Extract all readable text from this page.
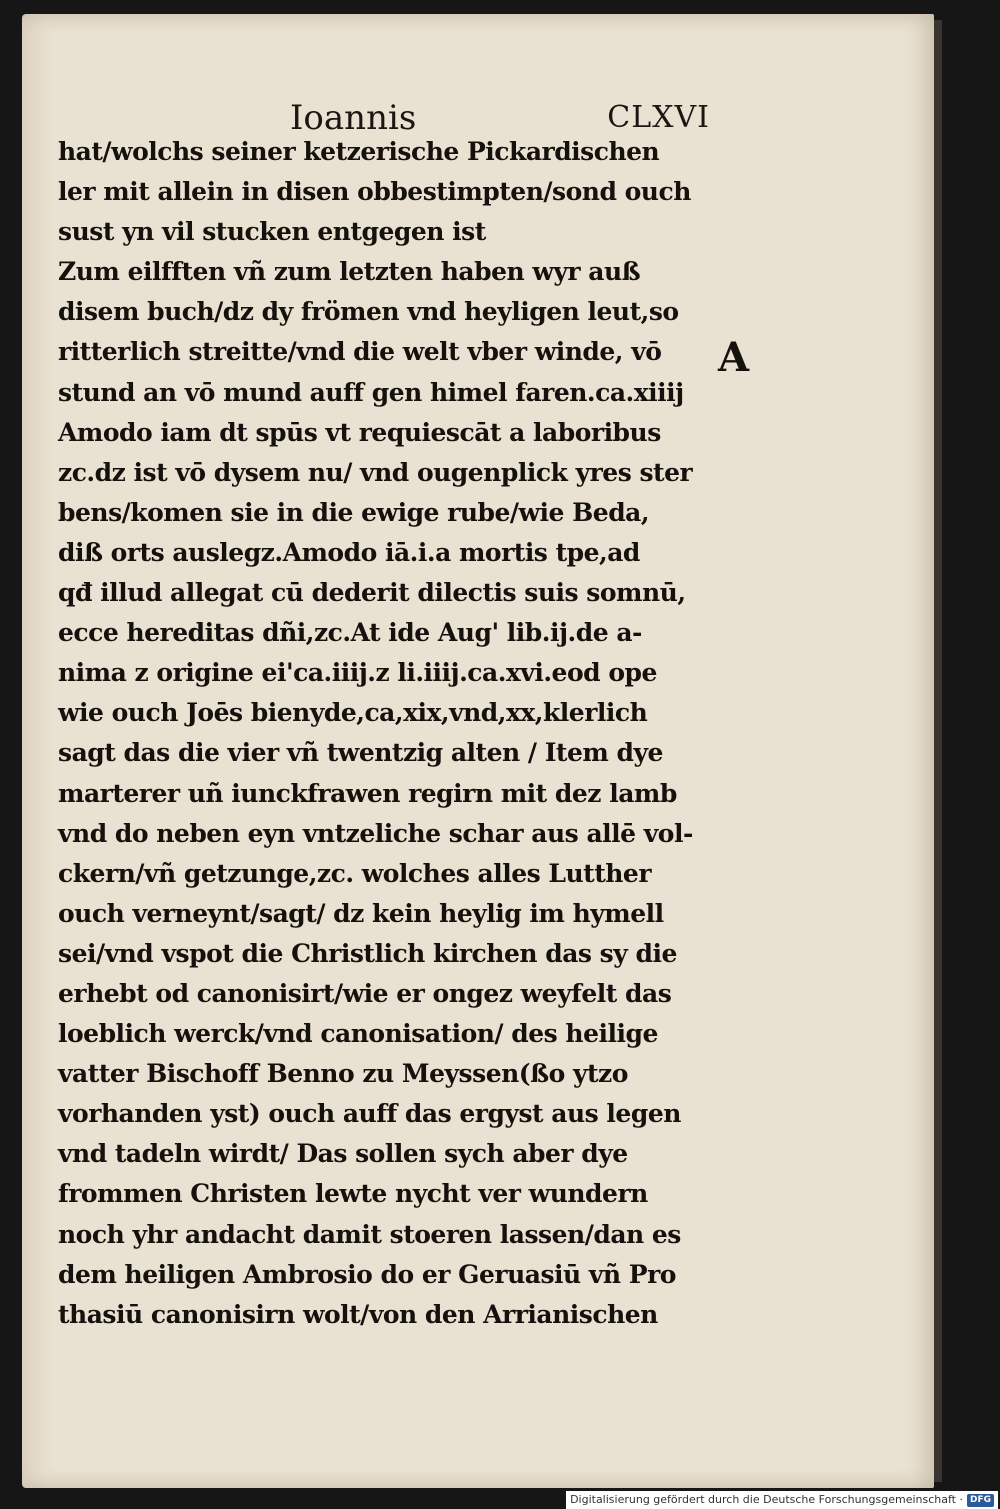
Ioannis	CLXVI
hat/wolchs seiner ketzerische Pickardischen
ler mit allein in disen obbestimpten/sond ouch
sust yn vil stucken entgegen ist
Zum eilfften vñ zum letzten haben wyr auß
disem buch/dz dy frömen vnd heyligen leut,so
ritterlich streitte/vnd die welt vber winde, vō
stund an vō mund auff gen himel faren.ca.xiiij
Amodo iam dt spūs vt requiescāt a laboribus
zc.dz ist vō dysem nu/ vnd ougenplick yres ster
bens/komen sie in die ewige rube/wie Beda,
diß orts auslegz.Amodo iā.i.a mortis tpe,ad
qđ illud allegat cū dederit dilectis suis somnū,
ecce hereditas dñi,zc.At ide Aug' lib.ij.de a-
nima z origine ei'ca.iiij.z li.iiij.ca.xvi.eod ope
wie ouch Joēs bienyde,ca,xix,vnd,xx,klerlich
sagt das die vier vñ twentzig alten / Item dye
marterer uñ iunckfrawen regirn mit dez lamb
vnd do neben eyn vntzeliche schar aus allē vol-
ckern/vñ getzunge,zc. wolches alles Lutther
ouch verneynt/sagt/ dz kein heylig im hymell
sei/vnd vspot die Christlich kirchen das sy die
erhebt od canonisirt/wie er ongez weyfelt das
loeblich werck/vnd canonisation/ des heilige
vatter Bischoff Benno zu Meyssen(ßo ytzo
vorhanden yst) ouch auff das ergyst aus legen
vnd tadeln wirdt/ Das sollen sych aber dye
frommen Christen lewte nycht ver wundern
noch yhr andacht damit stoeren lassen/dan es
dem heiligen Ambrosio do er Geruasiū vñ Pro
thasiū canonisirn wolt/von den Arrianischen
A
Digitalisierung gefördert durch die Deutsche Forschungsgemeinschaft · DFG
